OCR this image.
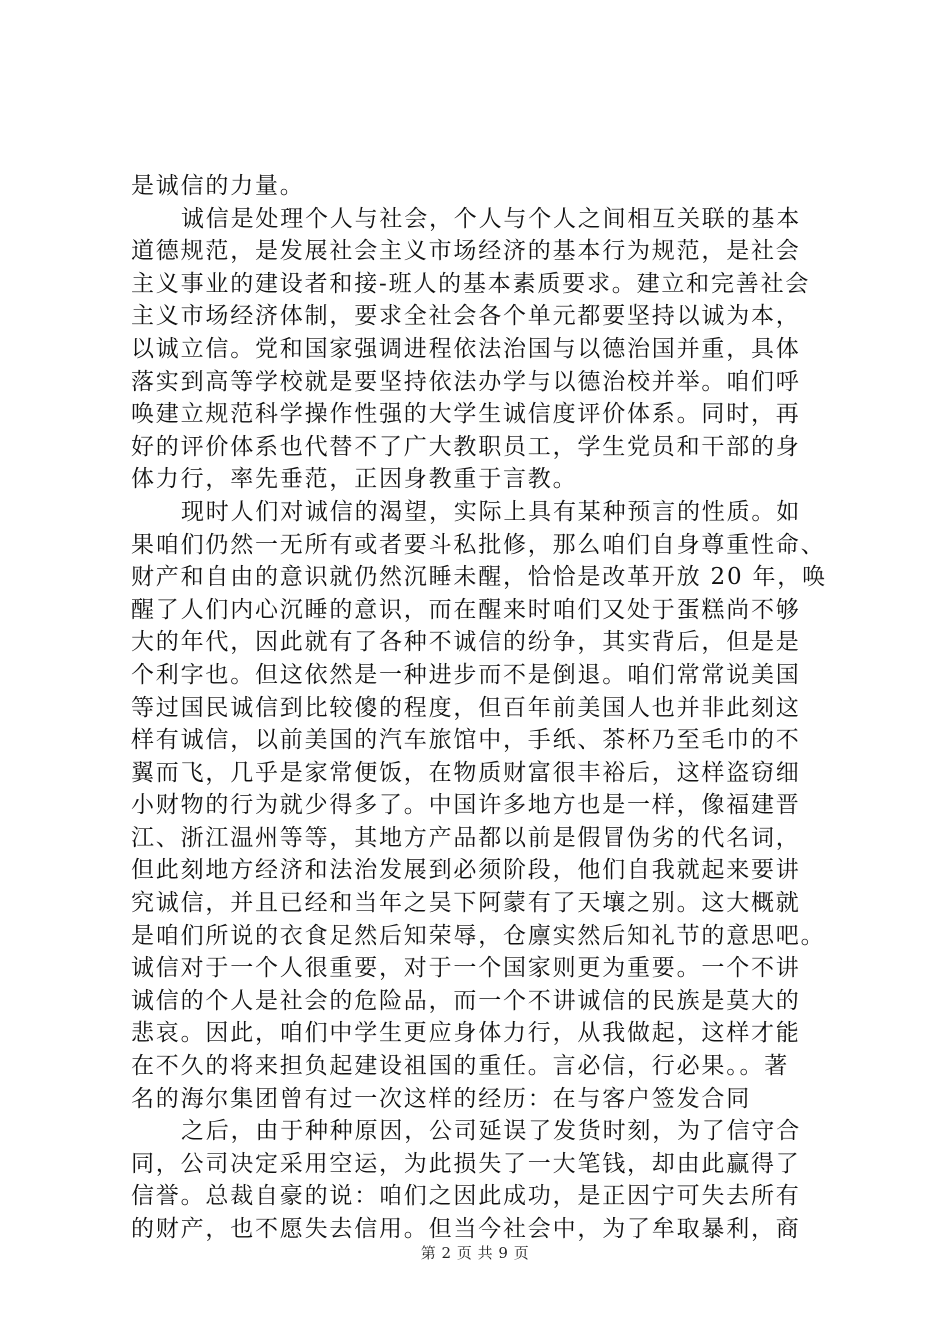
是诚信的力量。
诚信是处理个人与社会，个人与个人之间相互关联的基本
道德规范，是发展社会主义市场经济的基本行为规范，是社会
主义事业的建设者和接-班人的基本素质要求。建立和完善社会
主义市场经济体制，要求全社会各个单元都要坚持以诚为本，
以诚立信。党和国家强调进程依法治国与以德治国并重，具体
落实到高等学校就是要坚持依法办学与以德治校并举。咱们呼
唤建立规范科学操作性强的大学生诚信度评价体系。同时，再
好的评价体系也代替不了广大教职员工，学生党员和干部的身
体力行，率先垂范，正因身教重于言教。
现时人们对诚信的渴望，实际上具有某种预言的性质。如
果咱们仍然一无所有或者要斗私批修，那么咱们自身尊重性命、
财产和自由的意识就仍然沉睡未醒，恰恰是改革开放 20 年，唤
醒了人们内心沉睡的意识，而在醒来时咱们又处于蛋糕尚不够
大的年代，因此就有了各种不诚信的纷争，其实背后，但是是
个利字也。但这依然是一种进步而不是倒退。咱们常常说美国
等过国民诚信到比较傻的程度，但百年前美国人也并非此刻这
样有诚信，以前美国的汽车旅馆中，手纸、茶杯乃至毛巾的不
翼而飞，几乎是家常便饭，在物质财富很丰裕后，这样盗窃细
小财物的行为就少得多了。中国许多地方也是一样，像福建晋
江、浙江温州等等，其地方产品都以前是假冒伪劣的代名词，
但此刻地方经济和法治发展到必须阶段，他们自我就起来要讲
究诚信，并且已经和当年之吴下阿蒙有了天壤之别。这大概就
是咱们所说的衣食足然后知荣辱，仓廪实然后知礼节的意思吧。
诚信对于一个人很重要，对于一个国家则更为重要。一个不讲
诚信的个人是社会的危险品，而一个不讲诚信的民族是莫大的
悲哀。因此，咱们中学生更应身体力行，从我做起，这样才能
在不久的将来担负起建设祖国的重任。言必信，行必果。。著
名的海尔集团曾有过一次这样的经历：在与客户签发合同
之后，由于种种原因，公司延误了发货时刻，为了信守合
同，公司决定采用空运，为此损失了一大笔钱，却由此赢得了
信誉。总裁自豪的说：咱们之因此成功，是正因宁可失去所有
的财产，也不愿失去信用。但当今社会中，为了牟取暴利，商
第 2 页 共 9 页
